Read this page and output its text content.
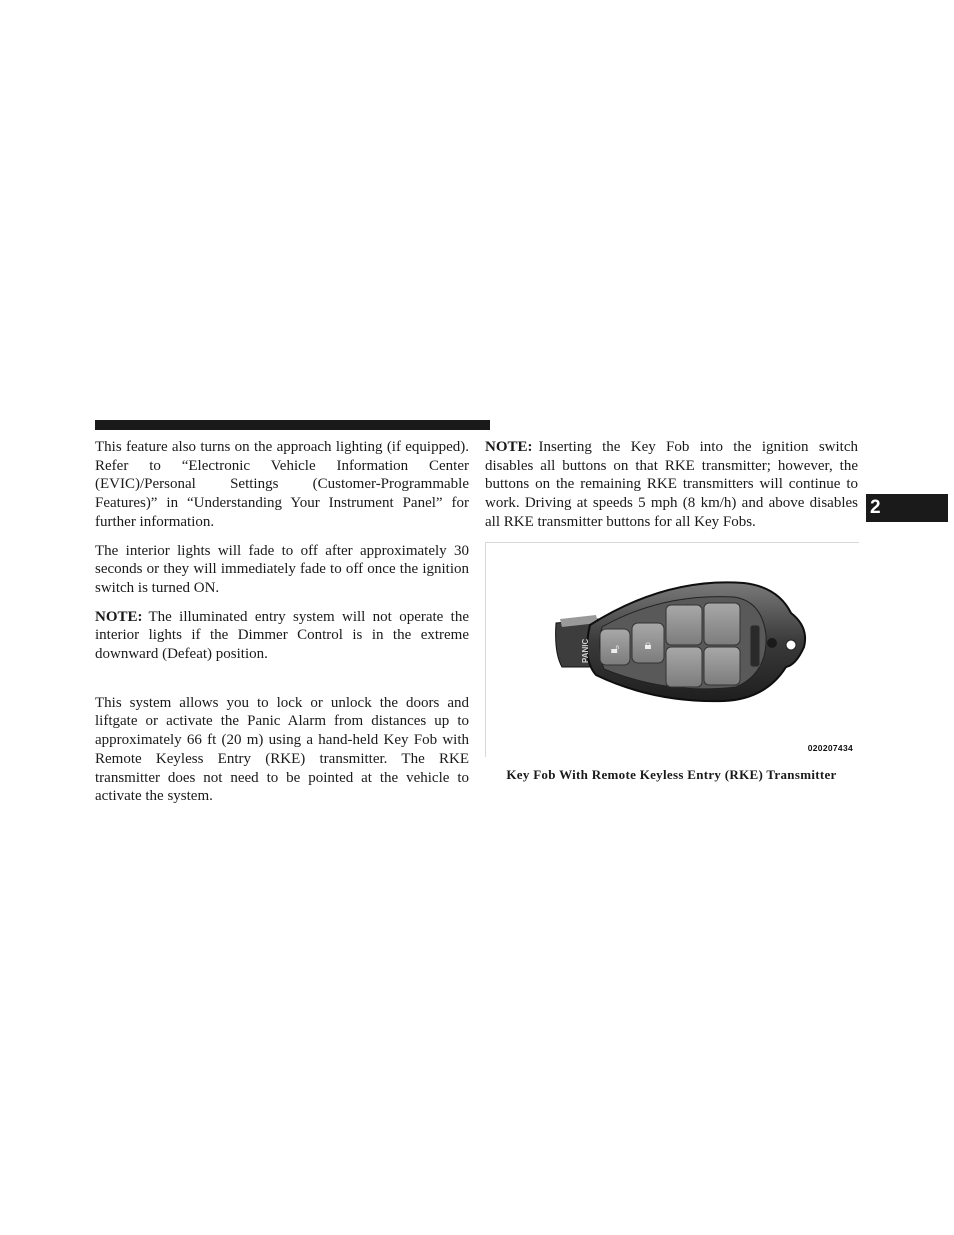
This feature also turns on the approach lighting (if equipped). Refer to “Electronic Vehicle Information Center (EVIC)/Personal Settings (Customer-Programmable Features)” in “Understanding Your Instrument Panel” for further information.

The interior lights will fade to off after approximately 30 seconds or they will immediately fade to off once the ignition switch is turned ON.

NOTE: The illuminated entry system will not operate the interior lights if the Dimmer Control is in the extreme downward (Defeat) position.

This system allows you to lock or unlock the doors and liftgate or activate the Panic Alarm from distances up to approximately 66 ft (20 m) using a hand-held Key Fob with Remote Keyless Entry (RKE) transmitter. The RKE transmitter does not need to be pointed at the vehicle to activate the system.

NOTE: Inserting the Key Fob into the ignition switch disables all buttons on that RKE transmitter; however, the buttons on the remaining RKE transmitters will continue to work. Driving at speeds 5 mph (8 km/h) and above disables all RKE transmitter buttons for all Key Fobs.

🔓︎ 🔒︎
PANIC
020207434
Key Fob With Remote Keyless Entry (RKE) Transmitter
2
